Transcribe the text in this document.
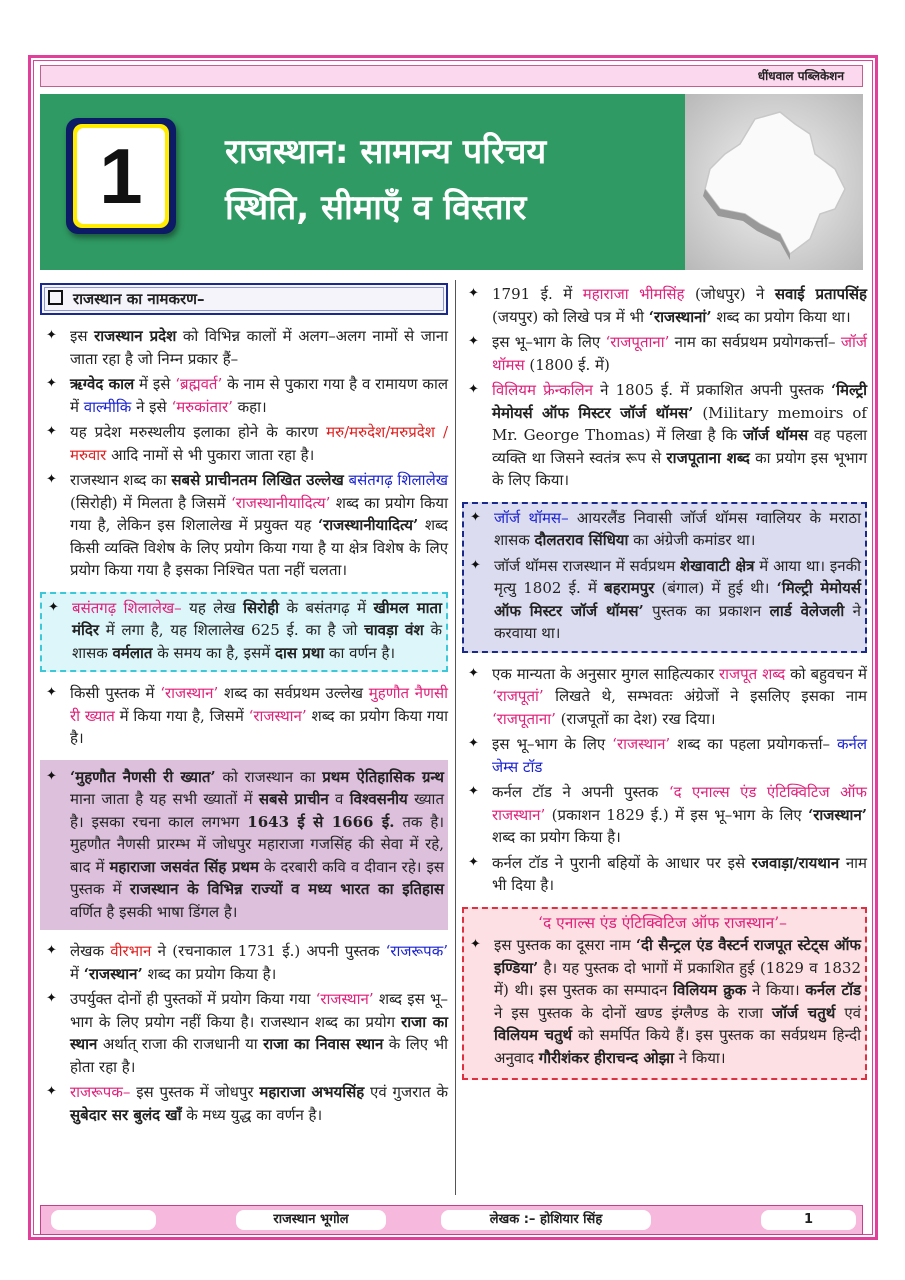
धींधवाल पब्लिकेशन
1	राजस्थान: सामान्य परिचय
स्थिति, सीमाएँ व विस्तार
राजस्थान का नामकरण–
✦ इस राजस्थान प्रदेश को विभिन्न कालों में अलग–अलग नामों से जाना जाता रहा है जो निम्न प्रकार हैं–
✦ ऋग्वेद काल में इसे ‘ब्रह्मवर्त’ के नाम से पुकारा गया है व रामायण काल में वाल्मीकि ने इसे ‘मरुकांतार’ कहा।
✦ यह प्रदेश मरुस्थलीय इलाका होने के कारण मरु/मरुदेश/मरुप्रदेश /मरुवार आदि नामों से भी पुकारा जाता रहा है।
✦ राजस्थान शब्द का सबसे प्राचीनतम लिखित उल्लेख बसंतगढ़ शिलालेख (सिरोही) में मिलता है जिसमें ‘राजस्थानीयादित्य’ शब्द का प्रयोग किया गया है, लेकिन इस शिलालेख में प्रयुक्त यह ‘राजस्थानीयादित्य’ शब्द किसी व्यक्ति विशेष के लिए प्रयोग किया गया है या क्षेत्र विशेष के लिए प्रयोग किया गया है इसका निश्चित पता नहीं चलता।
✦ बसंतगढ़ शिलालेख– यह लेख सिरोही के बसंतगढ़ में खीमल माता मंदिर में लगा है, यह शिलालेख 625 ई. का है जो चावड़ा वंश के शासक वर्मलात के समय का है, इसमें दास प्रथा का वर्णन है।
✦ किसी पुस्तक में ‘राजस्थान’ शब्द का सर्वप्रथम उल्लेख मुहणौत नैणसी री ख्यात में किया गया है, जिसमें ‘राजस्थान’ शब्द का प्रयोग किया गया है।
✦ ‘मुहणौत नैणसी री ख्यात’ को राजस्थान का प्रथम ऐतिहासिक ग्रन्थ माना जाता है यह सभी ख्यातों में सबसे प्राचीन व विश्वसनीय ख्यात है। इसका रचना काल लगभग 1643 ई से 1666 ई. तक है। मुहणौत नैणसी प्रारम्भ में जोधपुर महाराजा गजसिंह की सेवा में रहे, बाद में महाराजा जसवंत सिंह प्रथम के दरबारी कवि व दीवान रहे। इस पुस्तक में राजस्थान के विभिन्न राज्यों व मध्य भारत का इतिहास वर्णित है इसकी भाषा डिंगल है।
✦ लेखक वीरभान ने (रचनाकाल 1731 ई.) अपनी पुस्तक ‘राजरूपक’ में ‘राजस्थान’ शब्द का प्रयोग किया है।
✦ उपर्युक्त दोनों ही पुस्तकों में प्रयोग किया गया ‘राजस्थान’ शब्द इस भू–भाग के लिए प्रयोग नहीं किया है। राजस्थान शब्द का प्रयोग राजा का स्थान अर्थात् राजा की राजधानी या राजा का निवास स्थान के लिए भी होता रहा है।
✦ राजरूपक– इस पुस्तक में जोधपुर महाराजा अभयसिंह एवं गुजरात के सुबेदार सर बुलंद खाँ के मध्य युद्ध का वर्णन है।
✦ 1791 ई. में महाराजा भीमसिंह (जोधपुर) ने सवाई प्रतापसिंह (जयपुर) को लिखे पत्र में भी ‘राजस्थानां’ शब्द का प्रयोग किया था।
✦ इस भू–भाग के लिए ‘राजपूताना’ नाम का सर्वप्रथम प्रयोगकर्त्ता– जॉर्ज थॉमस (1800 ई. में)
✦ विलियम फ्रेन्कलिन ने 1805 ई. में प्रकाशित अपनी पुस्तक ‘मिल्ट्री मेमोयर्स ऑफ मिस्टर जॉर्ज थॉमस’ (Military memoirs of Mr. George Thomas) में लिखा है कि जॉर्ज थॉमस वह पहला व्यक्ति था जिसने स्वतंत्र रूप से राजपूताना शब्द का प्रयोग इस भूभाग के लिए किया।
✦ जॉर्ज थॉमस– आयरलैंड निवासी जॉर्ज थॉमस ग्वालियर के मराठा शासक दौलतराव सिंधिया का अंग्रेजी कमांडर था।
✦ जॉर्ज थॉमस राजस्थान में सर्वप्रथम शेखावाटी क्षेत्र में आया था। इनकी मृत्यु 1802 ई. में बहरामपुर (बंगाल) में हुई थी। ‘मिल्ट्री मेमोयर्स ऑफ मिस्टर जॉर्ज थॉमस’ पुस्तक का प्रकाशन लार्ड वेलेजली ने करवाया था।
✦ एक मान्यता के अनुसार मुगल साहित्यकार राजपूत शब्द को बहुवचन में ‘राजपूतां’ लिखते थे, सम्भवतः अंग्रेजों ने इसलिए इसका नाम ‘राजपूताना’ (राजपूतों का देश) रख दिया।
✦ इस भू–भाग के लिए ‘राजस्थान’ शब्द का पहला प्रयोगकर्त्ता– कर्नल जेम्स टॉड
✦ कर्नल टॉड ने अपनी पुस्तक ‘द एनाल्स एंड एंटिक्विटिज ऑफ राजस्थान’ (प्रकाशन 1829 ई.) में इस भू–भाग के लिए ‘राजस्थान’ शब्द का प्रयोग किया है।
✦ कर्नल टॉड ने पुरानी बहियों के आधार पर इसे रजवाड़ा/रायथान नाम भी दिया है।
‘द एनाल्स एंड एंटिक्विटिज ऑफ राजस्थान’–
✦ इस पुस्तक का दूसरा नाम ‘दी सैन्ट्रल एंड वैस्टर्न राजपूत स्टेट्स ऑफ इण्डिया’ है। यह पुस्तक दो भागों में प्रकाशित हुई (1829 व 1832 में) थी। इस पुस्तक का सम्पादन विलियम क्रुक ने किया। कर्नल टॉड ने इस पुस्तक के दोनों खण्ड इंग्लैण्ड के राजा जॉर्ज चतुर्थ एवं विलियम चतुर्थ को समर्पित किये हैं। इस पुस्तक का सर्वप्रथम हिन्दी अनुवाद गौरीशंकर हीराचन्द ओझा ने किया।
राजस्थान भूगोल	लेखक :– होशियार सिंह	1
